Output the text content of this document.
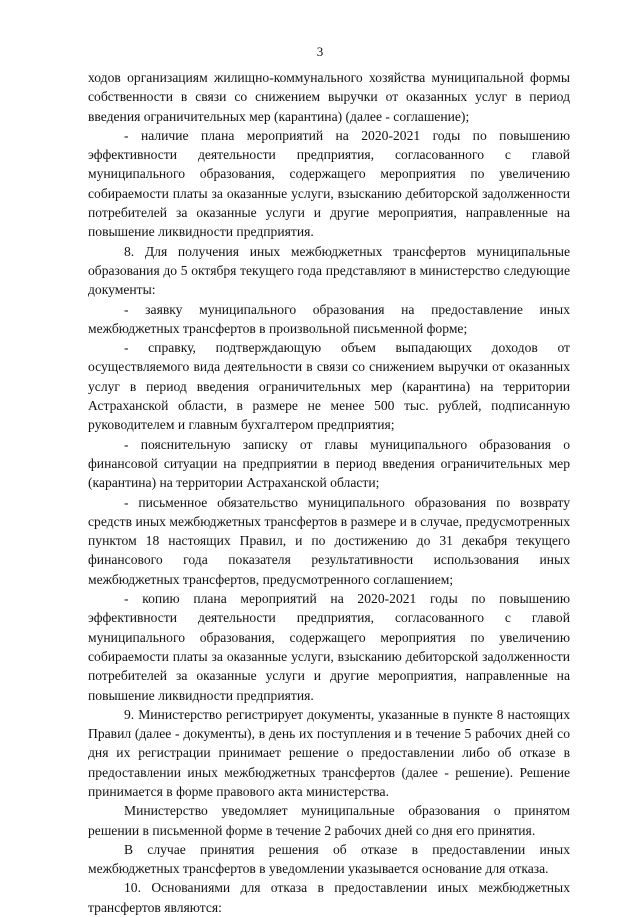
3

ходов организациям жилищно-коммунального хозяйства муниципальной формы собственности в связи со снижением выручки от оказанных услуг в период введения ограничительных мер (карантина) (далее - соглашение);

- наличие плана мероприятий на 2020-2021 годы по повышению эффективности деятельности предприятия, согласованного с главой муниципального образования, содержащего мероприятия по увеличению собираемости платы за оказанные услуги, взысканию дебиторской задолженности потребителей за оказанные услуги и другие мероприятия, направленные на повышение ликвидности предприятия.

8. Для получения иных межбюджетных трансфертов муниципальные образования до 5 октября текущего года представляют в министерство следующие документы:

- заявку муниципального образования на предоставление иных межбюджетных трансфертов в произвольной письменной форме;

- справку, подтверждающую объем выпадающих доходов от осуществляемого вида деятельности в связи со снижением выручки от оказанных услуг в период введения ограничительных мер (карантина) на территории Астраханской области, в размере не менее 500 тыс. рублей, подписанную руководителем и главным бухгалтером предприятия;

- пояснительную записку от главы муниципального образования о финансовой ситуации на предприятии в период введения ограничительных мер (карантина) на территории Астраханской области;

- письменное обязательство муниципального образования по возврату средств иных межбюджетных трансфертов в размере и в случае, предусмотренных пунктом 18 настоящих Правил, и по достижению до 31 декабря текущего финансового года показателя результативности использования иных межбюджетных трансфертов, предусмотренного соглашением;

- копию плана мероприятий на 2020-2021 годы по повышению эффективности деятельности предприятия, согласованного с главой муниципального образования, содержащего мероприятия по увеличению собираемости платы за оказанные услуги, взысканию дебиторской задолженности потребителей за оказанные услуги и другие мероприятия, направленные на повышение ликвидности предприятия.

9. Министерство регистрирует документы, указанные в пункте 8 настоящих Правил (далее - документы), в день их поступления и в течение 5 рабочих дней со дня их регистрации принимает решение о предоставлении либо об отказе в предоставлении иных межбюджетных трансфертов (далее - решение). Решение принимается в форме правового акта министерства.

Министерство уведомляет муниципальные образования о принятом решении в письменной форме в течение 2 рабочих дней со дня его принятия.

В случае принятия решения об отказе в предоставлении иных межбюджетных трансфертов в уведомлении указывается основание для отказа.

10. Основаниями для отказа в предоставлении иных межбюджетных трансфертов являются:
